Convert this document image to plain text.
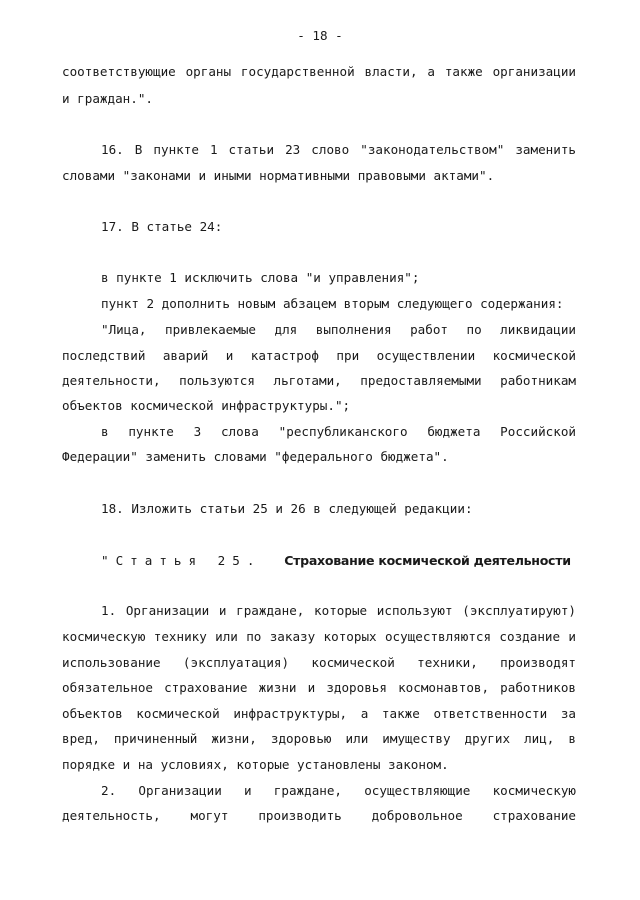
- 18 -
соответствующие органы государственной власти, а также организации
и граждан.".
16. В пункте 1 статьи 23 слово "законодательством" заменить
словами "законами и иными нормативными правовыми актами".
17. В статье 24:
в пункте 1 исключить слова "и управления";
пункт 2 дополнить новым абзацем вторым следующего содержания:
"Лица, привлекаемые для выполнения работ по ликвидации
последствий аварий и катастроф при осуществлении космической
деятельности, пользуются льготами, предоставляемыми работникам
объектов космической инфраструктуры.";
в пункте 3 слова "республиканского бюджета Российской
Федерации" заменить словами "федерального бюджета".
18. Изложить статьи 25 и 26 в следующей редакции:
"Статья 25. Страхование космической деятельности
1. Организации и граждане, которые используют (эксплуатируют)
космическую технику или по заказу которых осуществляются создание и
использование (эксплуатация) космической техники, производят
обязательное страхование жизни и здоровья космонавтов, работников
объектов космической инфраструктуры, а также ответственности за
вред, причиненный жизни, здоровью или имуществу других лиц, в
порядке и на условиях, которые установлены законом.
2. Организации и граждане, осуществляющие космическую
деятельность, могут производить добровольное страхование
